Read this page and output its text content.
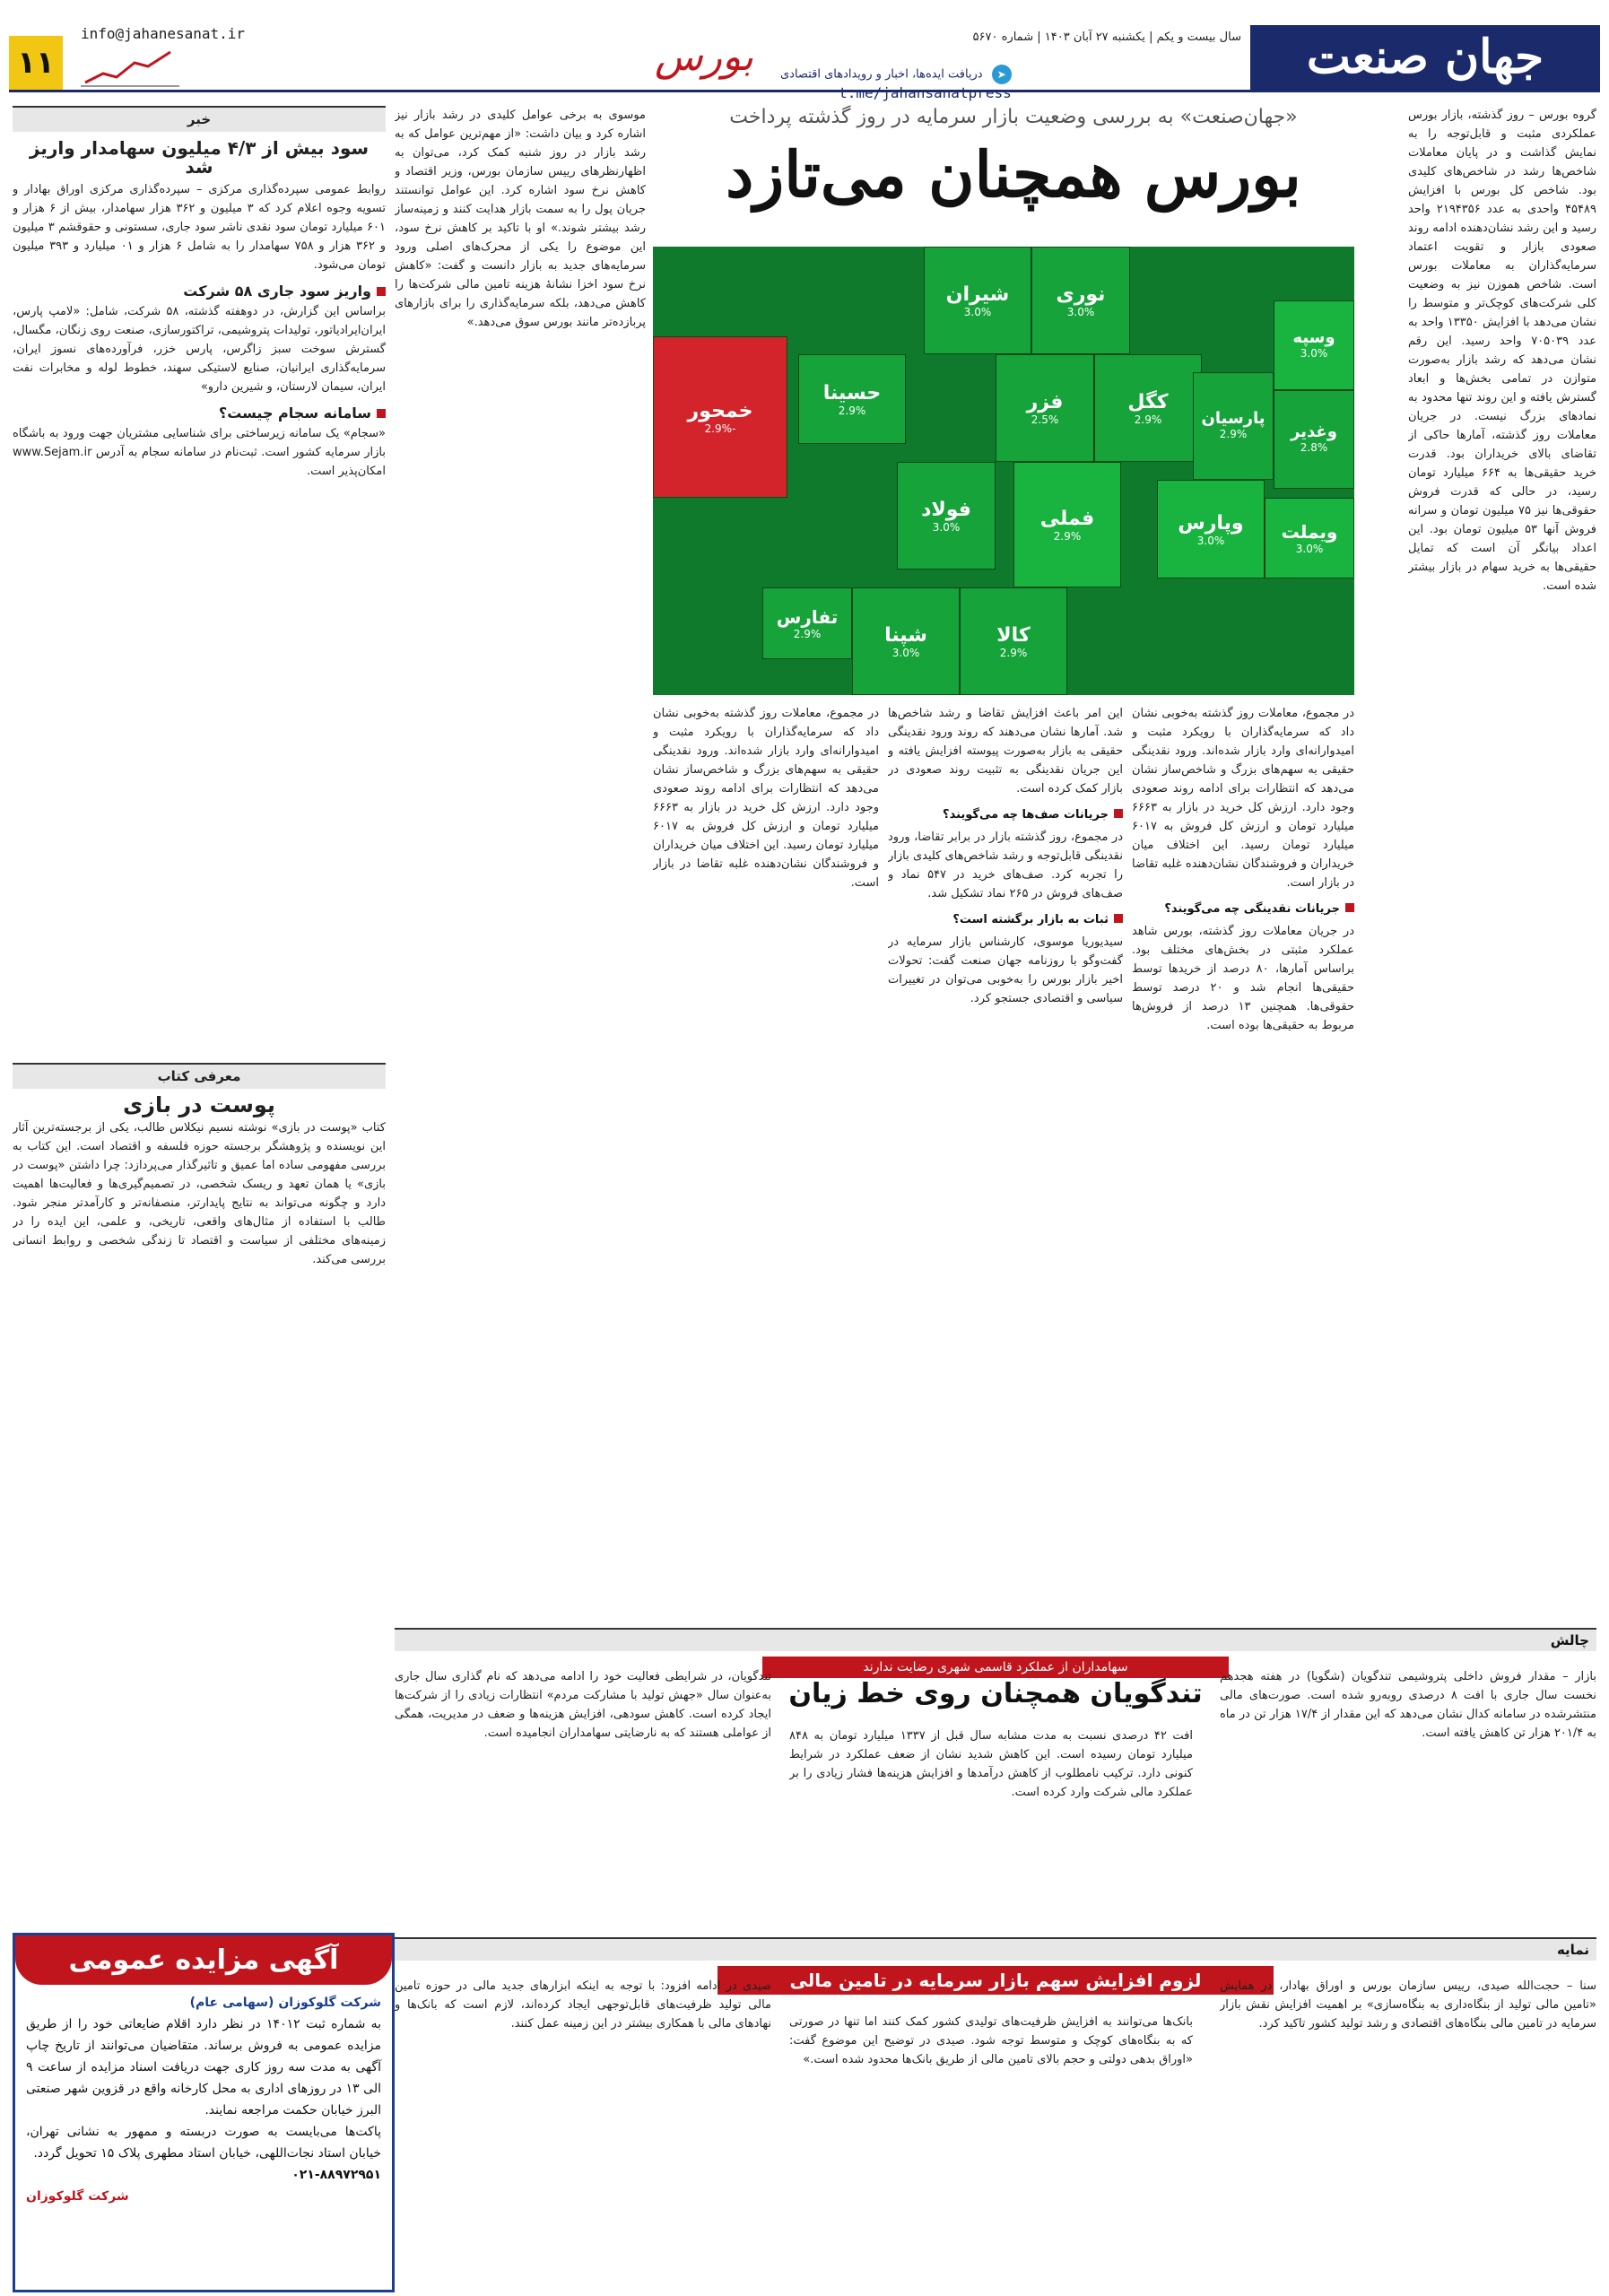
جهان صنعت
سال بیست و یکم | یکشنبه ۲۷ آبان ۱۴۰۳ | شماره ۵۶۷۰
بورس	➤ دریافت ایده‌ها، اخبار و رویدادهای اقتصادی
t.me/jahansanatpress
info@jahanesanat.ir
۱۱
«جهان‌صنعت» به بررسی وضعیت بازار سرمایه در روز گذشته پرداخت
بورس همچنان می‌تازد
خمحور
-2.9%
کالا
2.9%
فملی
2.9%
وسپه
3.0%
ویملت
3.0%
وپارس
3.0%
کگل
2.9%
فولاد
3.0%
فزر
2.5%
شپنا
3.0%
حسینا
2.9%
تفارس
2.9%
نوری
3.0%
شیران
3.0%
وغدیر
2.8%
پارسیان
2.9%
گروه بورس – روز گذشته، بازار بورس عملکردی مثبت و قابل‌توجه را به نمایش گذاشت و در پایان معاملات شاخص‌ها رشد در شاخص‌های کلیدی بود. شاخص کل بورس با افزایش ۴۵۴۸۹ واحدی به عدد ۲۱۹۴۳۵۶ واحد رسید و این رشد نشان‌دهنده ادامه روند صعودی بازار و تقویت اعتماد سرمایه‌گذاران به معاملات بورس است. شاخص هموزن نیز به وضعیت کلی شرکت‌های کوچک‌تر و متوسط را نشان می‌دهد با افزایش ۱۳۳۵۰ واحد به عدد ۷۰۵۰۳۹ واحد رسید. این رقم نشان می‌دهد که رشد بازار به‌صورت متوازن در تمامی بخش‌ها و ابعاد گسترش یافته و این روند تنها محدود به نمادهای بزرگ نیست. در جریان معاملات روز گذشته، آمارها حاکی از تقاضای بالای خریداران بود. قدرت خرید حقیقی‌ها به ۶۶۴ میلیارد تومان رسید، در حالی که قدرت فروش حقوقی‌ها نیز ۷۵ میلیون تومان و سرانه فروش آنها ۵۳ میلیون تومان بود. این اعداد بیانگر آن است که تمایل حقیقی‌ها به خرید سهام در بازار بیشتر شده است.

در مجموع، معاملات روز گذشته به‌خوبی نشان داد که سرمایه‌گذاران با رویکرد مثبت و امیدوارانه‌ای وارد بازار شده‌اند. ورود نقدینگی حقیقی به سهم‌های بزرگ و شاخص‌ساز نشان می‌دهد که انتظارات برای ادامه روند صعودی وجود دارد. ارزش کل خرید در بازار به ۶۶۶۳ میلیارد تومان و ارزش کل فروش به ۶۰۱۷ میلیارد تومان رسید. این اختلاف میان خریداران و فروشندگان نشان‌دهنده غلبه تقاضا در بازار است.

جریانات نقدینگی چه می‌گویند؟

در جریان معاملات روز گذشته، بورس شاهد عملکرد مثبتی در بخش‌های مختلف بود. براساس آمارها، ۸۰ درصد از خریدها توسط حقیقی‌ها انجام شد و ۲۰ درصد توسط حقوقی‌ها. همچنین ۱۳ درصد از فروش‌ها مربوط به حقیقی‌ها بوده است.

این امر باعث افزایش تقاضا و رشد شاخص‌ها شد. آمارها نشان می‌دهند که روند ورود نقدینگی حقیقی به بازار به‌صورت پیوسته افزایش یافته و این جریان نقدینگی به تثبیت روند صعودی در بازار کمک کرده است.

جریانات صف‌ها چه می‌گویند؟

در مجموع، روز گذشته بازار در برابر تقاضا، ورود نقدینگی قابل‌توجه و رشد شاخص‌های کلیدی بازار را تجربه کرد. صف‌های خرید در ۵۴۷ نماد و صف‌های فروش در ۲۶۵ نماد تشکیل شد.

ثبات به بازار برگشته است؟

سیدیوریا موسوی، کارشناس بازار سرمایه در گفت‌وگو با روزنامه جهان صنعت گفت: تحولات اخیر بازار بورس را به‌خوبی می‌توان در تغییرات سیاسی و اقتصادی جستجو کرد.

در مجموع، معاملات روز گذشته به‌خوبی نشان داد که سرمایه‌گذاران با رویکرد مثبت و امیدوارانه‌ای وارد بازار شده‌اند. ورود نقدینگی حقیقی به سهم‌های بزرگ و شاخص‌ساز نشان می‌دهد که انتظارات برای ادامه روند صعودی وجود دارد. ارزش کل خرید در بازار به ۶۶۶۳ میلیارد تومان و ارزش کل فروش به ۶۰۱۷ میلیارد تومان رسید. این اختلاف میان خریداران و فروشندگان نشان‌دهنده غلبه تقاضا در بازار است.

موسوی به برخی عوامل کلیدی در رشد بازار نیز اشاره کرد و بیان داشت: «از مهم‌ترین عوامل که به رشد بازار در روز شنبه کمک کرد، می‌توان به اظهارنظرهای رییس سازمان بورس، وزیر اقتصاد و کاهش نرخ سود اشاره کرد. این عوامل توانستند جریان پول را به سمت بازار هدایت کنند و زمینه‌ساز رشد بیشتر شوند.» او با تاکید بر کاهش نرخ سود، این موضوع را یکی از محرک‌های اصلی ورود سرمایه‌های جدید به بازار دانست و گفت: «کاهش نرخ سود اخزا نشانهٔ هزینه تامین مالی شرکت‌ها را کاهش می‌دهد، بلکه سرمایه‌گذاری را برای بازارهای پربازده‌تر مانند بورس سوق می‌دهد.»

خبر
سود بیش از ۴/۳ میلیون سهامدار واریز شد

روابط عمومی سپرده‌گذاری مرکزی – سپرده‌گذاری مرکزی اوراق بهادار و تسویه وجوه اعلام کرد که ۳ میلیون و ۳۶۲ هزار سهامدار، بیش از ۶ هزار و ۶۰۱ میلیارد تومان سود نقدی ناشر سود جاری، سستونی و حقوقشم ۳ میلیون و ۳۶۲ هزار و ۷۵۸ سهامدار را به شامل ۶ هزار و ۰۱ میلیارد و ۳۹۳ میلیون تومان می‌شود.

واریز سود جاری ۵۸ شرکت

براساس این گزارش، در دوهفته گذشته، ۵۸ شرکت، شامل: «لامپ پارس، ایران‌ایرادیاتور، تولیدات پتروشیمی، تراکتورسازی، صنعت روی زنگان، مگسال، گسترش سوخت سبز زاگرس، پارس خزر، فرآورده‌های نسوز ایران، سرمایه‌گذاری ایرانیان، صنایع لاستیکی سهند، خطوط لوله و مخابرات نفت ایران، سیمان لارستان، و شیرین دارو»

سامانه سجام چیست؟

«سجام» یک سامانه زیرساختی برای شناسایی مشتریان جهت ورود به باشگاه بازار سرمایه کشور است. ثبت‌نام در سامانه سجام به آدرس www.Sejam.ir امکان‌پذیر است.

معرفی کتاب
پوست در بازی

کتاب «پوست در بازی» نوشته نسیم نیکلاس طالب، یکی از برجسته‌ترین آثار این نویسنده و پژوهشگر برجسته حوزه فلسفه و اقتصاد است. این کتاب به بررسی مفهومی ساده اما عمیق و تاثیرگذار می‌پردازد: چرا داشتن «پوست در بازی» یا همان تعهد و ریسک شخصی، در تصمیم‌گیری‌ها و فعالیت‌ها اهمیت دارد و چگونه می‌تواند به نتایج پایدارتر، منصفانه‌تر و کارآمدتر منجر شود. طالب با استفاده از مثال‌های واقعی، تاریخی، و علمی، این ایده را در زمینه‌های مختلفی از سیاست و اقتصاد تا زندگی شخصی و روابط انسانی بررسی می‌کند.

چالش
سهامداران از عملکرد قاسمی شهری رضایت ندارند
تندگویان همچنان روی خط زیان
بازار – مقدار فروش داخلی پتروشیمی تندگویان (شگویا) در هفته هجدهم نخست سال جاری با افت ۸ درصدی روبه‌رو شده است. صورت‌های مالی منتشرشده در سامانه کدال نشان می‌دهد که این مقدار از ۱۷/۴ هزار تن در ماه به ۲۰۱/۴ هزار تن کاهش یافته است.
افت ۴۲ درصدی نسبت به مدت مشابه سال قبل از ۱۳۳۷ میلیارد تومان به ۸۴۸ میلیارد تومان رسیده است. این کاهش شدید نشان از ضعف عملکرد در شرایط کنونی دارد. ترکیب نامطلوب از کاهش درآمدها و افزایش هزینه‌ها فشار زیادی را بر عملکرد مالی شرکت وارد کرده است.
تندگویان، در شرایطی فعالیت خود را ادامه می‌دهد که نام گذاری سال جاری به‌عنوان سال «جهش تولید با مشارکت مردم» انتظارات زیادی را از شرکت‌ها ایجاد کرده است. کاهش سودهی، افزایش هزینه‌ها و ضعف در مدیریت، همگی از عواملی هستند که به نارضایتی سهامداران انجامیده است.
نمایه
لزوم افزایش سهم بازار سرمایه در تامین مالی	سنا – حجت‌الله صیدی، رییس سازمان بورس و اوراق بهادار، در همایش «تامین مالی تولید از بنگاه‌داری به بنگاه‌سازی» بر اهمیت افزایش نقش بازار سرمایه در تامین مالی بنگاه‌های اقتصادی و رشد تولید کشور تاکید کرد.
بانک‌ها می‌توانند به افزایش ظرفیت‌های تولیدی کشور کمک کنند اما تنها در صورتی که به بنگاه‌های کوچک و متوسط توجه شود. صیدی در توضیح این موضوع گفت: «اوراق بدهی دولتی و حجم بالای تامین مالی از طریق بانک‌ها محدود شده است.»
صیدی در ادامه افزود: با توجه به اینکه ابزارهای جدید مالی در حوزه تامین مالی تولید ظرفیت‌های قابل‌توجهی ایجاد کرده‌اند، لازم است که بانک‌ها و نهادهای مالی با همکاری بیشتر در این زمینه عمل کنند.
آگهی مزایده عمومی
شرکت گلوکوزان (سهامی عام)
به شماره ثبت ۱۴۰۱۲ در نظر دارد اقلام ضایعاتی خود را از طریق مزایده عمومی به فروش برساند. متقاضیان می‌توانند از تاریخ چاپ آگهی به مدت سه روز کاری جهت دریافت اسناد مزایده از ساعت ۹ الی ۱۳ در روزهای اداری به محل کارخانه واقع در قزوین شهر صنعتی البرز خیابان حکمت مراجعه نمایند.
پاکت‌ها می‌بایست به صورت دربسته و ممهور به نشانی تهران، خیابان استاد نجات‌اللهی، خیابان استاد مطهری پلاک ۱۵ تحویل گردد.
۰۲۱-۸۸۹۷۲۹۵۱
شرکت گلوکوزان
